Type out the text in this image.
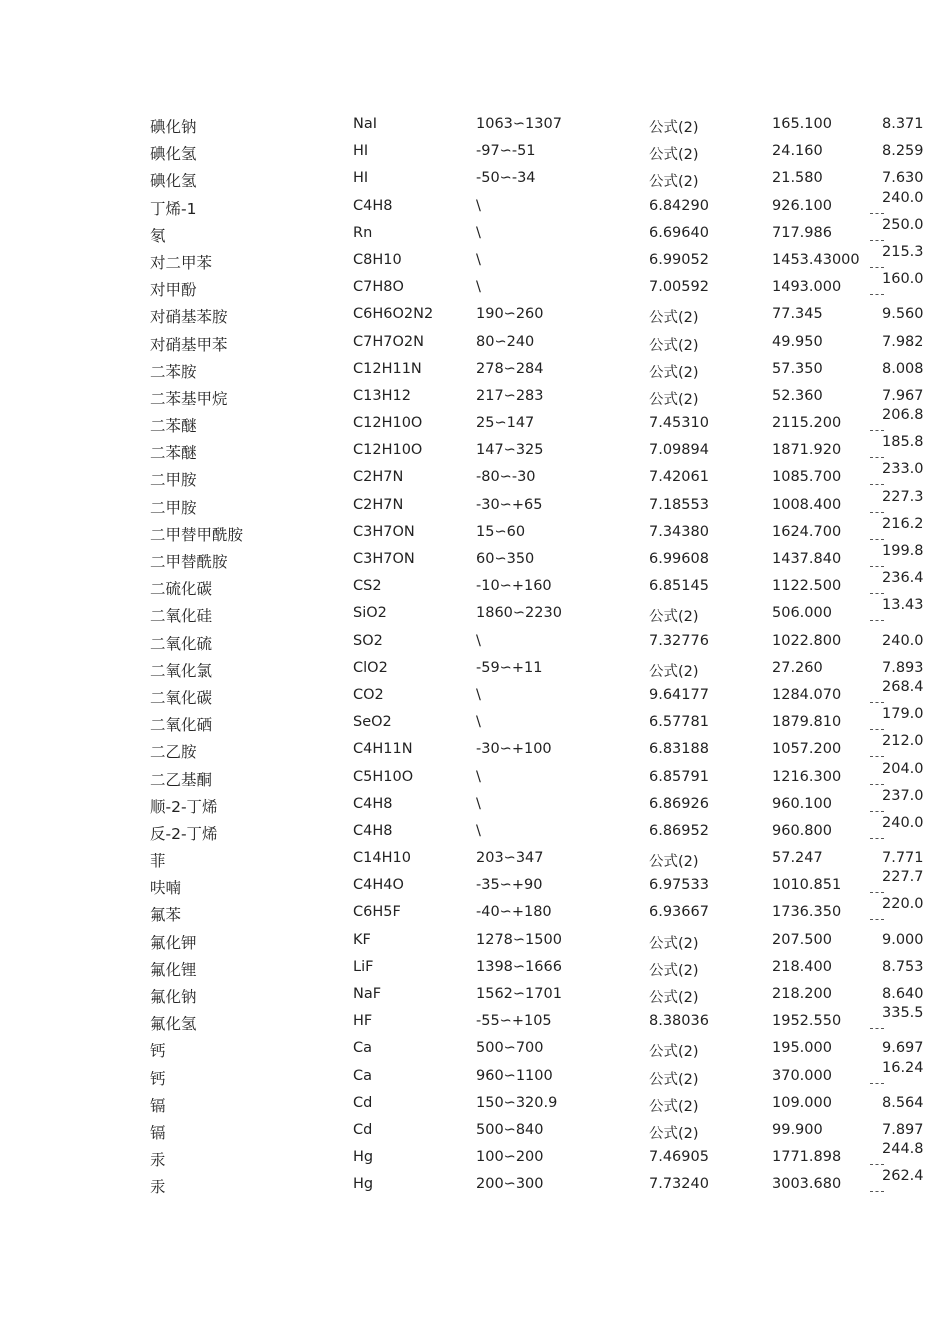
碘化钠	NaI	1063∽1307	公式(2)	165.100	8.371
碘化氢	HI	-97∽-51	公式(2)	24.160	8.259
碘化氢	HI	-50∽-34	公式(2)	21.580	7.630
丁烯-1	C4H8	\	6.84290	926.100	240.0
氡	Rn	\	6.69640	717.986	250.0
对二甲苯	C8H10	\	6.99052	1453.43000 215.3
对甲酚	C7H8O	\	7.00592	1493.000	160.0
对硝基苯胺	C6H6O2N2	190∽260	公式(2)	77.345	9.560
对硝基甲苯	C7H7O2N	80∽240	公式(2)	49.950	7.982
二苯胺	C12H11N	278∽284	公式(2)	57.350	8.008
二苯基甲烷	C13H12	217∽283	公式(2)	52.360	7.967
二苯醚	C12H10O	25∽147	7.45310	2115.200	206.8
二苯醚	C12H10O	147∽325	7.09894	1871.920	185.8
二甲胺	C2H7N	-80∽-30	7.42061	1085.700	233.0
二甲胺	C2H7N	-30∽+65	7.18553	1008.400	227.3
二甲替甲酰胺	C3H7ON	15∽60	7.34380	1624.700	216.2
二甲替酰胺	C3H7ON	60∽350	6.99608	1437.840	199.8
二硫化碳	CS2	-10∽+160	6.85145	1122.500	236.4
二氧化硅	SiO2	1860∽2230	公式(2)	506.000	13.43
二氧化硫	SO2	\	7.32776	1022.800	240.0
二氧化氯	ClO2	-59∽+11	公式(2)	27.260	7.893
二氧化碳	CO2	\	9.64177	1284.070	268.4
二氧化硒	SeO2	\	6.57781	1879.810	179.0
二乙胺	C4H11N	-30∽+100	6.83188	1057.200	212.0
二乙基酮	C5H10O	\	6.85791	1216.300	204.0
顺-2-丁烯	C4H8	\	6.86926	960.100	237.0
反-2-丁烯	C4H8	\	6.86952	960.800	240.0
菲	C14H10	203∽347	公式(2)	57.247	7.771
呋喃	C4H4O	-35∽+90	6.97533	1010.851	227.7
氟苯	C6H5F	-40∽+180	6.93667	1736.350	220.0
氟化钾	KF	1278∽1500	公式(2)	207.500	9.000
氟化锂	LiF	1398∽1666	公式(2)	218.400	8.753
氟化钠	NaF	1562∽1701	公式(2)	218.200	8.640
氟化氢	HF	-55∽+105	8.38036	1952.550	335.5
钙	Ca	500∽700	公式(2)	195.000	9.697
钙	Ca	960∽1100	公式(2)	370.000	16.24
镉	Cd	150∽320.9	公式(2)	109.000	8.564
镉	Cd	500∽840	公式(2)	99.900	7.897
汞	Hg	100∽200	7.46905	1771.898	244.8
汞	Hg	200∽300	7.73240	3003.680	262.4
